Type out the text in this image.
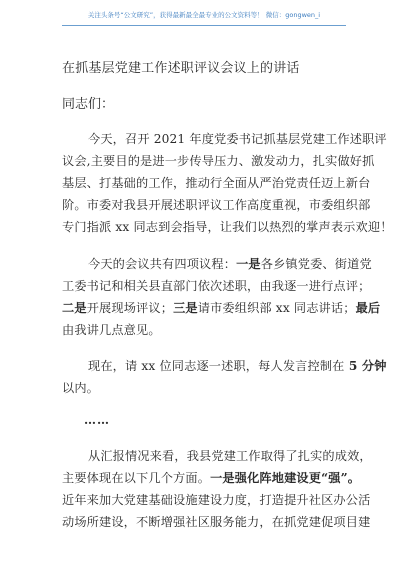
关注头条号“公文研究”，获得最新最全最专业的公文资料等！ 微信：gongwen_i
在抓基层党建工作述职评议会议上的讲话

同志们：

今天，召开 2021 年度党委书记抓基层党建工作述职评
议会,主要目的是进一步传导压力、激发动力，扎实做好抓
基层、打基础的工作，推动行全面从严治党责任迈上新台
阶。市委对我县开展述职评议工作高度重视，市委组织部
专门指派 xx 同志到会指导，让我们以热烈的掌声表示欢迎！
今天的会议共有四项议程：一是各乡镇党委、街道党
工委书记和相关县直部门依次述职，由我逐一进行点评；
二是开展现场评议；三是请市委组织部 xx 同志讲话；最后
由我讲几点意见。
现在，请 xx 位同志逐一述职，每人发言控制在 5 分钟
以内。
……
从汇报情况来看，我县党建工作取得了扎实的成效，
主要体现在以下几个方面。一是强化阵地建设更“强”。
近年来加大党建基础设施建设力度，打造提升社区办公活
动场所建设，不断增强社区服务能力，在抓党建促项目建
